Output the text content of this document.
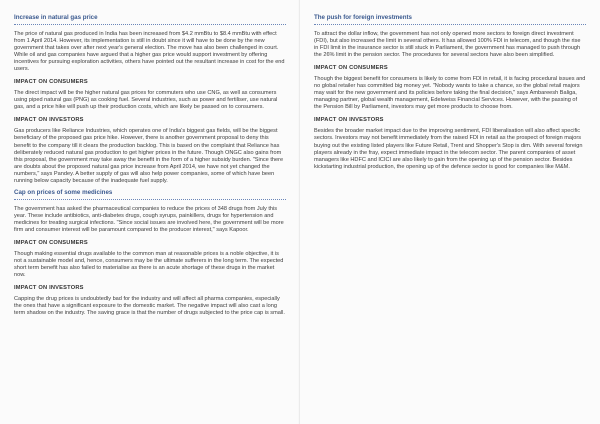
Increase in natural gas price

The price of natural gas produced in India has been increased from $4.2 mmBtu to $8.4 mmBtu with effect from 1 April 2014. However, its implementation is still in doubt since it will have to be done by the new government that takes over after next year's general election. The move has also been challenged in court. While oil and gas companies have argued that a higher gas price would support investment by offering incentives for pursuing exploration activities, others have pointed out the resultant increase in cost for the end users.

IMPACT ON CONSUMERS

The direct impact will be the higher natural gas prices for commuters who use CNG, as well as consumers using piped natural gas (PNG) as cooking fuel. Several industries, such as power and fertiliser, use natural gas, and a price hike will push up their production costs, which are likely be passed on to consumers.

IMPACT ON INVESTORS

Gas producers like Reliance Industries, which operates one of India's biggest gas fields, will be the biggest beneficiary of the proposed gas price hike. However, there is another government proposal to deny this benefit to the company till it clears the production backlog. This is based on the complaint that Reliance has deliberately reduced natural gas production to get higher prices in the future. Though ONGC also gains from this proposal, the government may take away the benefit in the form of a higher subsidy burden. "Since there are doubts about the proposed natural gas price increase from April 2014, we have not yet changed the numbers," says Pandey. A better supply of gas will also help power companies, some of which have been running below capacity because of the inadequate fuel supply.

Cap on prices of some medicines

The government has asked the pharmaceutical companies to reduce the prices of 348 drugs from July this year. These include antibiotics, anti-diabetes drugs, cough syrups, painkillers, drugs for hypertension and medicines for treating surgical infections. "Since social issues are involved here, the government will be more firm and consumer interest will be paramount compared to the producer interest," says Kapoor.

IMPACT ON CONSUMERS

Though making essential drugs available to the common man at reasonable prices is a noble objective, it is not a sustainable model and, hence, consumers may be the ultimate sufferers in the long term. The expected short term benefit has also failed to materialise as there is an acute shortage of these drugs in the market now.

IMPACT ON INVESTORS

Capping the drug prices is undoubtedly bad for the industry and will affect all pharma companies, especially the ones that have a significant exposure to the domestic market. The negative impact will also cast a long term shadow on the industry. The saving grace is that the number of drugs subjected to the price cap is small.

The push for foreign investments

To attract the dollar inflow, the government has not only opened more sectors to foreign direct investment (FDI), but also increased the limit in several others. It has allowed 100% FDI in telecom, and though the rise in FDI limit in the insurance sector is still stuck in Parliament, the government has managed to push through the 26% limit in the pension sector. The procedures for several sectors have also been simplified.

IMPACT ON CONSUMERS

Though the biggest benefit for consumers is likely to come from FDI in retail, it is facing procedural issues and no global retailer has committed big money yet. "Nobody wants to take a chance, so the global retail majors may wait for the new government and its policies before taking the final decision," says Ambareesh Baliga, managing partner, global wealth management, Edelweiss Financial Services. However, with the passing of the Pension Bill by Parliament, investors may get more products to choose from.

IMPACT ON INVESTORS

Besides the broader market impact due to the improving sentiment, FDI liberalisation will also affect specific sectors. Investors may not benefit immediately from the raised FDI in retail as the prospect of foreign majors buying out the existing listed players like Future Retail, Trent and Shopper's Stop is dim. With several foreign players already in the fray, expect immediate impact in the telecom sector. The parent companies of asset managers like HDFC and ICICI are also likely to gain from the opening up of the pension sector. Besides kickstarting industrial production, the opening up of the defence sector is good for companies like M&M.
